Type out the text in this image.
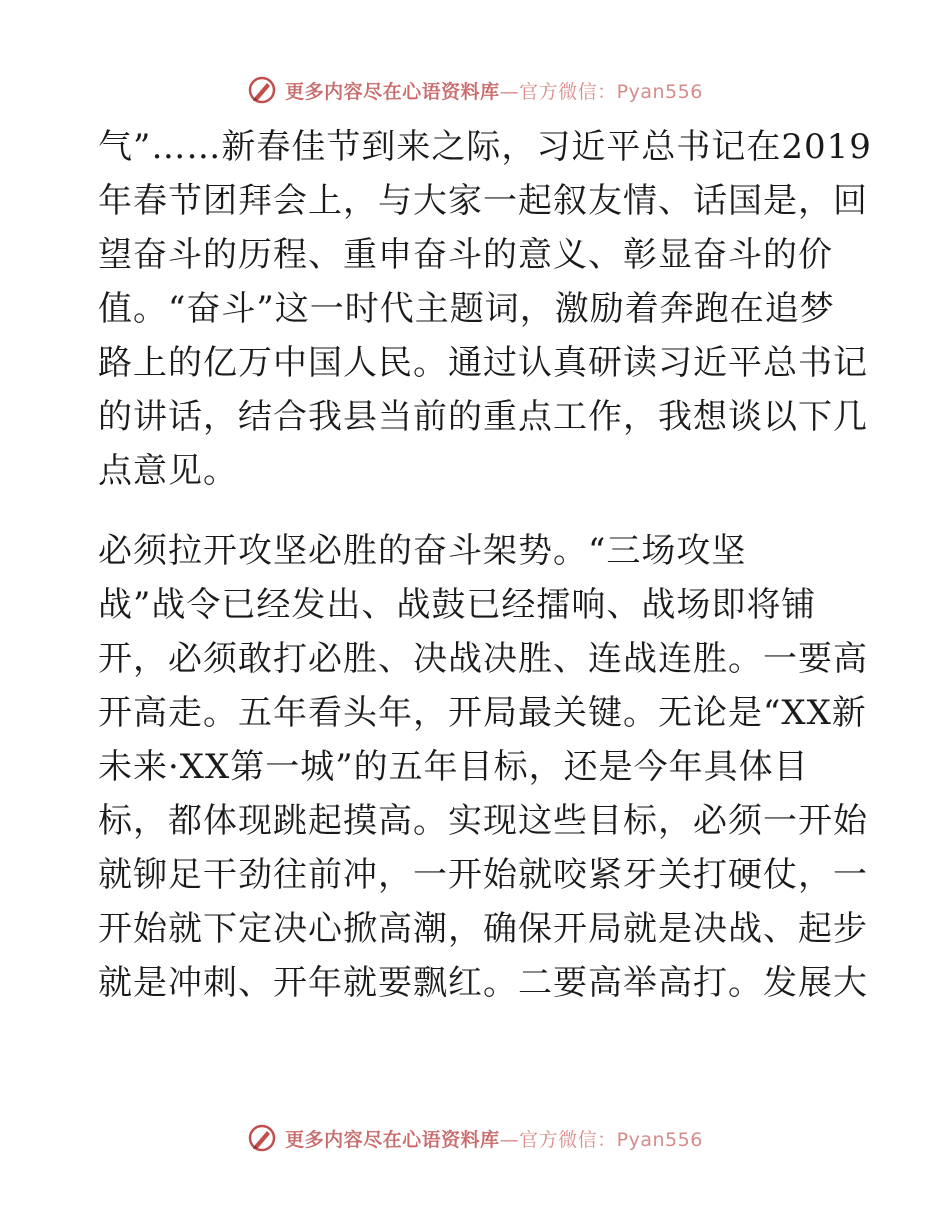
更多内容尽在心语资料库—官方微信：Pyan556
气”……新春佳节到来之际，习近平总书记在2019
年春节团拜会上，与大家一起叙友情、话国是，回
望奋斗的历程、重申奋斗的意义、彰显奋斗的价
值。“奋斗”这一时代主题词，激励着奔跑在追梦
路上的亿万中国人民。通过认真研读习近平总书记
的讲话，结合我县当前的重点工作，我想谈以下几
点意见。
必须拉开攻坚必胜的奋斗架势。“三场攻坚
战”战令已经发出、战鼓已经擂响、战场即将铺
开，必须敢打必胜、决战决胜、连战连胜。一要高
开高走。五年看头年，开局最关键。无论是“XX新
未来·XX第一城”的五年目标，还是今年具体目
标，都体现跳起摸高。实现这些目标，必须一开始
就铆足干劲往前冲，一开始就咬紧牙关打硬仗，一
开始就下定决心掀高潮，确保开局就是决战、起步
就是冲刺、开年就要飘红。二要高举高打。发展大
更多内容尽在心语资料库—官方微信：Pyan556
